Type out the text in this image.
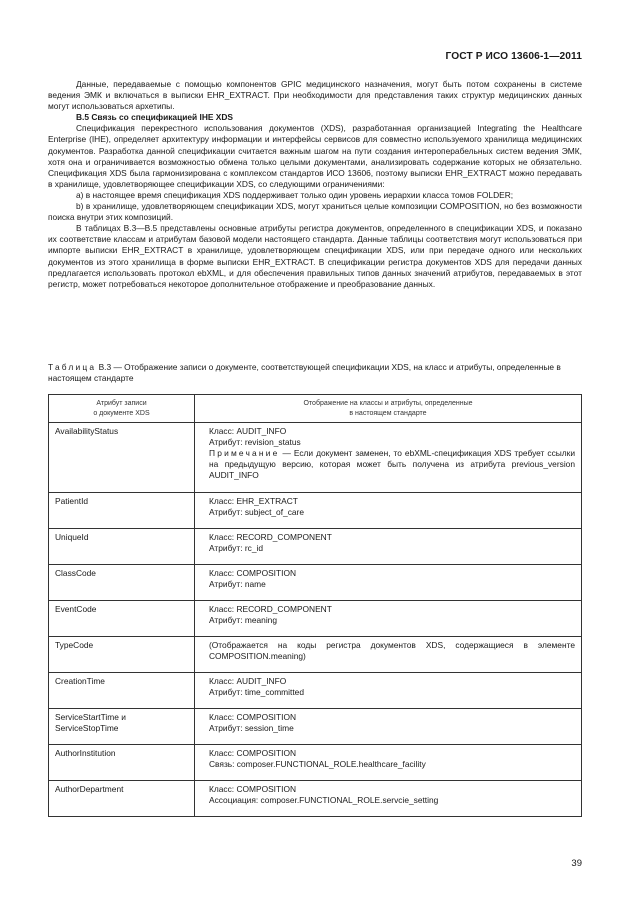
ГОСТ Р ИСО 13606-1—2011

Данные, передаваемые с помощью компонентов GPIC медицинского назначения, могут быть потом сохранены в системе ведения ЭМК и включаться в выписки EHR_EXTRACT. При необходимости для представления таких структур медицинских данных могут использоваться архетипы.

В.5 Связь со спецификацией IHE XDS

Спецификация перекрестного использования документов (XDS), разработанная организацией Integrating the Healthcare Enterprise (IHE), определяет архитектуру информации и интерфейсы сервисов для совместно используемого хранилища медицинских документов. Разработка данной спецификации считается важным шагом на пути создания интероперабельных систем ведения ЭМК, хотя она и ограничивается возможностью обмена только целыми документами, анализировать содержание которых не обязательно. Спецификация XDS была гармонизирована с комплексом стандартов ИСО 13606, поэтому выписки EHR_EXTRACT можно передавать в хранилище, удовлетворяющее спецификации XDS, со следующими ограничениями:

а) в настоящее время спецификация XDS поддерживает только один уровень иерархии класса томов FOLDER;

b) в хранилище, удовлетворяющем спецификации XDS, могут храниться целые композиции COMPOSITION, но без возможности поиска внутри этих композиций.

В таблицах В.3—В.5 представлены основные атрибуты регистра документов, определенного в спецификации XDS, и показано их соответствие классам и атрибутам базовой модели настоящего стандарта. Данные таблицы соответствия могут использоваться при импорте выписки EHR_EXTRACT в хранилище, удовлетворяющем спецификации XDS, или при передаче одного или нескольких документов из этого хранилища в форме выписки EHR_EXTRACT. В спецификации регистра документов XDS для передачи данных предлагается использовать протокол ebXML, и для обеспечения правильных типов данных значений атрибутов, передаваемых в этот регистр, может потребоваться некоторое дополнительное отображение и преобразование данных.

Таблица В.3 — Отображение записи о документе, соответствующей спецификации XDS, на класс и атрибуты, определенные в настоящем стандарте
Атрибут записи
о документе XDS	Отображение на классы и атрибуты, определенные
в настоящем стандарте

AvailabilityStatus	Класс: AUDIT_INFO
Атрибут: revision_status
Примечание — Если документ заменен, то ebXML-спецификация XDS требует ссылки на предыдущую версию, которая может быть получена из атрибута previous_version AUDIT_INFO

PatientId	Класс: EHR_EXTRACT
Атрибут: subject_of_care

UniqueId	Класс: RECORD_COMPONENT
Атрибут: rc_id

ClassCode	Класс: COMPOSITION
Атрибут: name

EventCode	Класс: RECORD_COMPONENT
Атрибут: meaning

TypeCode	(Отображается на коды регистра документов XDS, содержащиеся в элементе COMPOSITION.meaning)

CreationTime	Класс: AUDIT_INFO
Атрибут: time_committed

ServiceStartTime и
ServiceStopTime	Класс: COMPOSITION
Атрибут: session_time

AuthorInstitution	Класс: COMPOSITION
Связь: composer.FUNCTIONAL_ROLE.healthcare_facility

AuthorDepartment	Класс: COMPOSITION
Ассоциация: composer.FUNCTIONAL_ROLE.servcie_setting
39
